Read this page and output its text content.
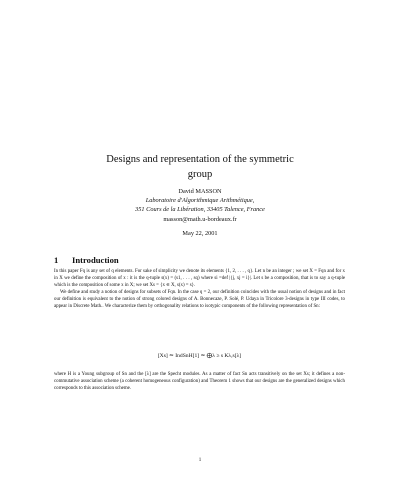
Designs and representation of the symmetric
group
David MASSON
Laboratoire d'Algorithmique Arithmétique,
351 Cours de la Libération, 33405 Talence, France
masson@math.u-bordeaux.fr
May 22, 2001
1 Introduction

In this paper Fq is any set of q elements. For sake of simplicity we denote its elements {1, 2, . . . , q}. Let n be an integer ; we set X = Fqn and for x in X we define the composition of x : it is the q-tuple s(x) = (s1, . . . , sq) where si =def |{j, xj = i}|. Let s be a composition, that is to say a q-tuple which is the composition of some x in X; we set Xs = {x ∈ X, s(x) = s}.

We define and study a notion of designs for subsets of Fqn. In the case q = 2, our definition coincides with the usual notion of designs and in fact our definition is equivalent to the notion of strong colored designs of A. Bonnecaze, P. Solé, P. Udaya in Tricolore 3-designs in type III codes, to appear in Discrete Math.. We characterize them by orthogonality relations to isotypic components of the following representation of Sn:

[Xs] ≃ IndSnH[1] ≃ ⨁λ ≥ s Kλ,s[λ]
where H is a Young subgroup of Sn and the [λ] are the Specht modules. As a matter of fact Sn acts transitively on the set Xs; it defines a non-commutative association scheme (a coherent homogeneous configuration) and Theorem 1 shows that our designs are the generalized designs which corresponds to this association scheme.
1
